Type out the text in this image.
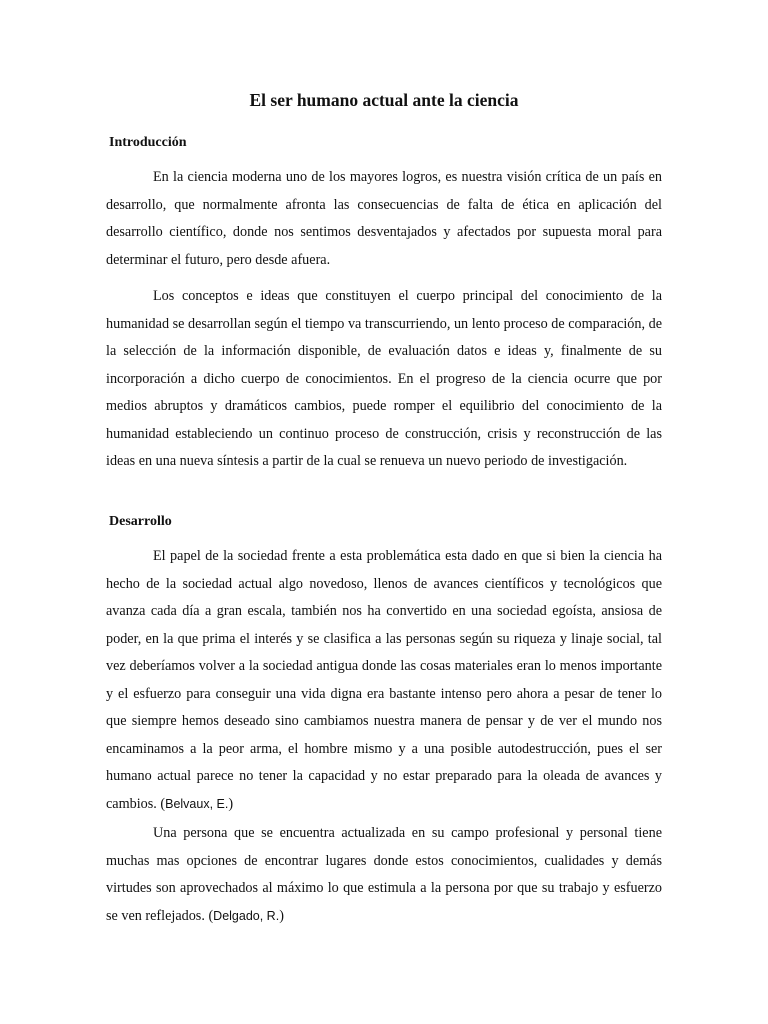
El ser humano actual ante la ciencia
Introducción

En la ciencia moderna uno de los mayores logros, es nuestra visión crítica de un país en desarrollo, que normalmente afronta las consecuencias de falta de ética en aplicación del desarrollo científico, donde nos sentimos desventajados y afectados por supuesta moral para determinar el futuro, pero desde afuera.

Los conceptos e ideas que constituyen el cuerpo principal del conocimiento de la humanidad se desarrollan según el tiempo va transcurriendo, un lento proceso de comparación, de la selección de la información disponible, de evaluación datos e ideas y, finalmente de su incorporación a dicho cuerpo de conocimientos. En el progreso de la ciencia ocurre que por medios abruptos y dramáticos cambios, puede romper el equilibrio del conocimiento de la humanidad estableciendo un continuo proceso de construcción, crisis y reconstrucción de las ideas en una nueva síntesis a partir de la cual se renueva un nuevo periodo de investigación.

Desarrollo

El papel de la sociedad frente a esta problemática esta dado en que si bien la ciencia ha hecho de la sociedad actual algo novedoso, llenos de avances científicos y tecnológicos que avanza cada día a gran escala, también nos ha convertido en una sociedad egoísta, ansiosa de poder, en la que prima el interés y se clasifica a las personas según su riqueza y linaje social, tal vez deberíamos volver a la sociedad antigua donde las cosas materiales eran lo menos importante y el esfuerzo para conseguir una vida digna era bastante intenso pero ahora a pesar de tener lo que siempre hemos deseado sino cambiamos nuestra manera de pensar y de ver el mundo nos encaminamos a la peor arma, el hombre mismo y a una posible autodestrucción, pues el ser humano actual parece no tener la capacidad y no estar preparado para la oleada de avances y cambios. (Belvaux, E.)

Una persona que se encuentra actualizada en su campo profesional y personal tiene muchas mas opciones de encontrar lugares donde estos conocimientos, cualidades y demás virtudes son aprovechados al máximo lo que estimula a la persona por que su trabajo y esfuerzo se ven reflejados. (Delgado, R.)
